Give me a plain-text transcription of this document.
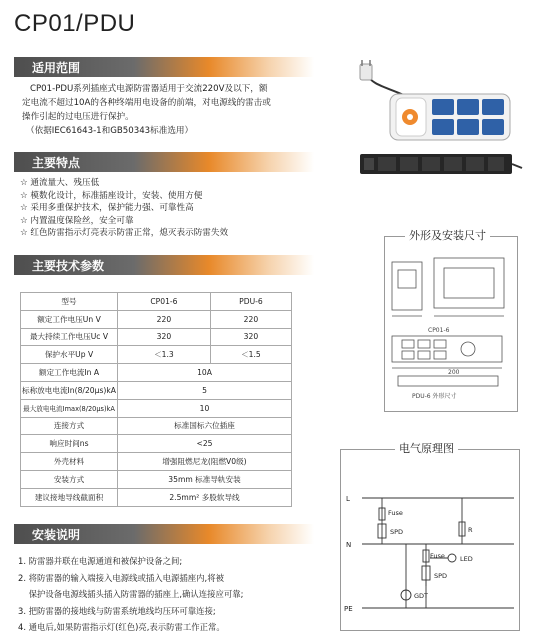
CP01/PDU
适用范围
CP01-PDU系列插座式电源防雷器适用于交流220V及以下，额
定电流不超过10A的各种终端用电设备的前端，对电源线的雷击或
操作引起的过电压进行保护。
（依据IEC61643-1和GB50343标准选用）
主要特点
☆ 通流量大、残压低
☆ 模数化设计，标准插座设计，安装、使用方便
☆ 采用多重保护技术，保护能力强、可靠性高
☆ 内置温度保险丝，安全可靠
☆ 红色防雷指示灯亮表示防雷正常，熄灭表示防雷失效
主要技术参数
型号	CP01-6	PDU-6
额定工作电压Un V	220	220
最大持续工作电压Uc V	320	320
保护水平Up V	＜1.3	＜1.5
额定工作电流In A	10A	
标称放电电流In(8/20μs)kA	5	
最大放电电流Imax(8/20μs)kA	10	
连接方式	标准国标六位插座	
响应时间ns	<25	
外壳材料	增强阻燃尼龙(阻燃V0级)	
安装方式	35mm 标准导轨安装	
建议接地导线截面积	2.5mm² 多股软导线	
安装说明
1. 防雷器并联在电源通道和被保护设备之间;
2. 将防雷器的输入端接入电源线或插入电源插座内,将被
保护设备电源线插头插入防雷器的插座上,确认连接应可靠;
3. 把防雷器的接地线与防雷系统地线均压环可靠连接;
4. 通电后,如果防雷指示灯(红色)亮,表示防雷工作正常。
外形及安装尺寸
CP01-6
200
PDU-6 外形尺寸
电气原理图
L
N
PE
Fuse
SPD	R
Fuse LED
SPD
GDT
